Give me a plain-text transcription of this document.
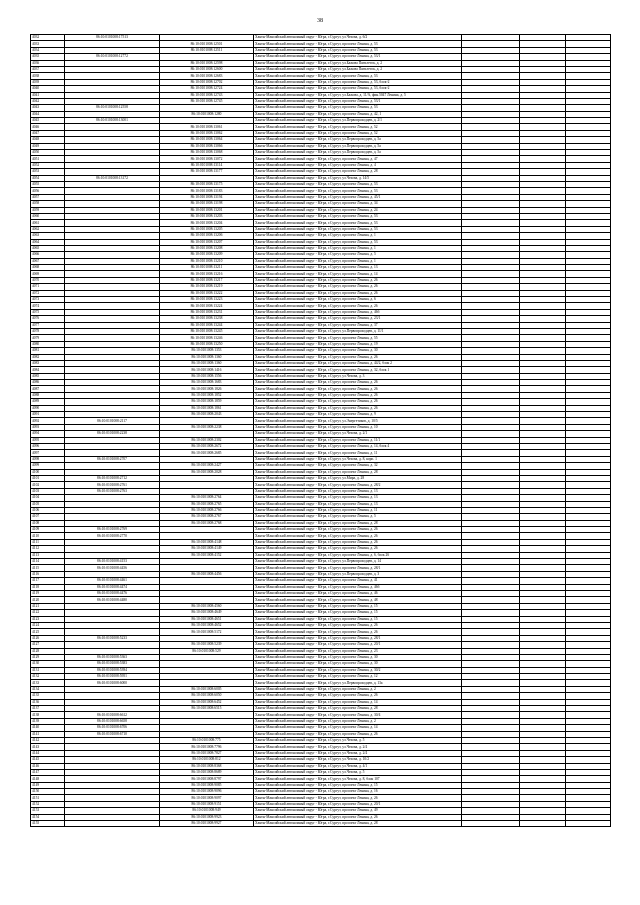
38
4032	86:10:0101008:17513		Ханты-Мансийский автономный округ - Югра, г.Сургут, ул.Чехова, д. 6/2			
4033		86:10:0101008:12501	Ханты-Мансийский автономный округ - Югра, г.Сургут, проспект Ленина, д. 53			
4034		86:10:0101008:12511	Ханты-Мансийский автономный округ - Югра, г.Сургут, проспект Ленина, д. 53			
4035	86:10:0101008:12772		Ханты-Мансийский автономный округ - Югра, г.Сургут, проспект Ленина, д. 53/1			
4036		86:10:0101008:12598	Ханты-Мансийский автономный округ - Югра, г.Сургут, ул.Бажова Пятилеток, д. 2			
4037		86:10:0101008:12600	Ханты-Мансийский автономный округ - Югра, г.Сургут, ул.Бажова Пятилеток, д. 2			
4038		86:10:0101008:12683	Ханты-Мансийский автономный округ - Югра, г.Сургут, проспект Ленина, д. 53			
4039		86:10:0101008:12702	Ханты-Мансийский автономный округ - Югра, г.Сургут, проспект Ленина, д. 53, блок-2			
4040		86:10:0101008:12724	Ханты-Мансийский автономный округ - Югра, г.Сургут, проспект Ленина, д. 53, блок-2			
4041		86:10:0101008:12743	Ханты-Мансийский автономный округ - Югра, г.Сургут, ул.Бажова, д. 11/А, фин.5047 Ленина, д. 5			
4042		86:10:0101008:12745	Ханты-Мансийский автономный округ - Югра, г.Сургут, проспект Ленина, д. 53/1			
4043	86:10:0101008:12558		Ханты-Мансийский автономный округ - Югра, г.Сургут, проспект Ленина, д. 53			
4044		86:10:0101008:1280	Ханты-Мансийский автономный округ - Югра, г.Сургут, проспект Ленина, д. 42, 1			
4045	86:10:0101008:13001		Ханты-Мансийский автономный округ - Югра, г.Сургут, ул.Первопроходцев, д. 2/1			
4046		86:10:0101008:13061	Ханты-Мансийский автономный округ - Югра, г.Сургут, проспект Ленина, д. 52			
4047		86:10:0101008:13062	Ханты-Мансийский автономный округ - Югра, г.Сургут, проспект Ленина, д. 52			
4048		86:10:0101008:13064	Ханты-Мансийский автономный округ - Югра, г.Сургут, ул.Первопроходцев, д. 5а			
4049		86:10:0101008:13066	Ханты-Мансийский автономный округ - Югра, г.Сургут, ул.Первопроходцев, д. 5а			
4050		86:10:0101008:13068	Ханты-Мансийский автономный округ - Югра, г.Сургут, ул.Первопроходцев, д. 5а			
4051		86:10:0101008:13072	Ханты-Мансийский автономный округ - Югра, г.Сургут, проспект Ленина, д. 47			
4052		86:10:0101008:13114	Ханты-Мансийский автономный округ - Югра, г.Сургут, проспект Ленина, д. 4			
4053		86:10:0101008:13177	Ханты-Мансийский автономный округ - Югра, г.Сургут, проспект Ленина, д. 28			
4054	86:10:0101008:13172		Ханты-Мансийский автономный округ - Югра, г.Сургут, ул.Чехова, д. 14/5			
4055		86:10:0101008:13175	Ханты-Мансийский автономный округ - Югра, г.Сургут, проспект Ленина, д. 53			
4056		86:10:0101008:13183	Ханты-Мансийский автономный округ - Югра, г.Сургут, проспект Ленина, д. 53			
4057		86:10:0101008:13194	Ханты-Мансийский автономный округ - Югра, г.Сургут, проспект Ленина, д. 45/1			
4058		86:10:0101008:13198	Ханты-Мансийский автономный округ - Югра, г.Сургут, проспект Ленина, д. 34			
4059		86:10:0101008:13201	Ханты-Мансийский автономный округ - Югра, г.Сургут, проспект Ленина, д. 24			
4060		86:10:0101008:13203	Ханты-Мансийский автономный округ - Югра, г.Сургут, проспект Ленина, д. 53			
4061		86:10:0101008:13204	Ханты-Мансийский автономный округ - Югра, г.Сургут, проспект Ленина, д. 53			
4062		86:10:0101008:13205	Ханты-Мансийский автономный округ - Югра, г.Сургут, проспект Ленина, д. 53			
4063		86:10:0101008:13206	Ханты-Мансийский автономный округ - Югра, г.Сургут, проспект Ленина, д. 1			
4064		86:10:0101008:13207	Ханты-Мансийский автономный округ - Югра, г.Сургут, проспект Ленина, д. 53			
4065		86:10:0101008:13208	Ханты-Мансийский автономный округ - Югра, г.Сургут, проспект Ленина, д. 1			
4066		86:10:0101008:13209	Ханты-Мансийский автономный округ - Югра, г.Сургут, проспект Ленина, д. 5			
4067		86:10:0101008:13210	Ханты-Мансийский автономный округ - Югра, г.Сургут, проспект Ленина, д. 1			
4068		86:10:0101008:13211	Ханты-Мансийский автономный округ - Югра, г.Сургут, проспект Ленина, д. 13			
4069		86:10:0101008:13216	Ханты-Мансийский автономный округ - Югра, г.Сургут, проспект Ленина, д. 14			
4070		86:10:0101008:13217	Ханты-Мансийский автономный округ - Югра, г.Сургут, проспект Ленина, д. 26			
4071		86:10:0101008:13219	Ханты-Мансийский автономный округ - Югра, г.Сургут, проспект Ленина, д. 26			
4072		86:10:0101008:13222	Ханты-Мансийский автономный округ - Югра, г.Сургут, проспект Ленина, д. 26			
4073		86:10:0101008:13223	Ханты-Мансийский автономный округ - Югра, г.Сургут, проспект Ленина, д. 6			
4074		86:10:0101008:13224	Ханты-Мансийский автономный округ - Югра, г.Сургут, проспект Ленина, д. 26			
4075		86:10:0101008:13231	Ханты-Мансийский автономный округ - Югра, г.Сургут, проспект Ленина, д. 46б			
4076		86:10:0101008:13238	Ханты-Мансийский автономный округ - Югра, г.Сургут, проспект Ленина, д. 23/1			
4077		86:10:0101008:13244	Ханты-Мансийский автономный округ - Югра, г.Сургут, проспект Ленина, д. 37			
4078		86:10:0101008:13245	Ханты-Мансийский автономный округ - Югра, г.Сургут, ул.Первопроходцев, д. 11/1			
4079		86:10:0101008:13246	Ханты-Мансийский автономный округ - Югра, г.Сургут, проспект Ленина, д. 55			
4080		86:10:0101008:13250	Ханты-Мансийский автономный округ - Югра, г.Сургут, проспект Ленина, д. 19			
4081		86:10:0101008:1353	Ханты-Мансийский автономный округ - Югра, г.Сургут, проспект Ленина, д. 30			
4082		86:10:0101008:1360	Ханты-Мансийский автономный округ - Югра, г.Сургут, проспект Ленина, д. 26			
4083		86:10:0101008:1360	Ханты-Мансийский автономный округ - Югра, г.Сургут, проспект Ленина, д. 44/2, блок 2			
4084		86:10:0101008:1416	Ханты-Мансийский автономный округ - Югра, г.Сургут, проспект Ленина, д. 32, блок 1			
4085		86:10:0101008:1556	Ханты-Мансийский автономный округ - Югра, г.Сургут, ул.Чехова, д. 3			
4086		86:10:0101008:1683	Ханты-Мансийский автономный округ - Югра, г.Сургут, проспект Ленина, д. 26			
4087		86:10:0101008:1826	Ханты-Мансийский автономный округ - Югра, г.Сургут, проспект Ленина, д. 26			
4088		86:10:0101008:1852	Ханты-Мансийский автономный округ - Югра, г.Сургут, проспект Ленина, д. 26			
4089		86:10:0101008:1859	Ханты-Мансийский автономный округ - Югра, г.Сургут, проспект Ленина, д. 26			
4090		86:10:0101008:1861	Ханты-Мансийский автономный округ - Югра, г.Сургут, проспект Ленина, д. 26			
4091		86:10:0101008:2043	Ханты-Мансийский автономный округ - Югра, г.Сургут, проспект Ленина, д. 9			
4092	86:10:0101008:2117		Ханты-Мансийский автономный округ - Югра, г.Сургут, ул.Энергетиков, д. 10/5			
4093		86:10:0101008:2238	Ханты-Мансийский автономный округ - Югра, г.Сургут, проспект Ленина, д. 10			
4094	86:10:0101008:2238		Ханты-Мансийский автономный округ - Югра, г.Сургут, ул.Чехова, д. 2/1			
4095		86:10:0101008:2302	Ханты-Мансийский автономный округ - Югра, г.Сургут, проспект Ленина, д. 11/1			
4096		86:10:0101008:2672	Ханты-Мансийский автономный округ - Югра, г.Сургут, проспект Ленина, д. 14, блок 4			
4097		86:10:0101008:2685	Ханты-Мансийский автономный округ - Югра, г.Сургут, проспект Ленина, д. 11			
4098	86:10:0101008:2707		Ханты-Мансийский автономный округ - Югра, г.Сургут, ул.Чехова, д. 8, корп. 1			
4099		86:10:0101008:2427	Ханты-Мансийский автономный округ - Югра, г.Сургут, проспект Ленина, д. 32			
4100		86:10:0101008:2028	Ханты-Мансийский автономный округ - Югра, г.Сургут, проспект Ленина, д. 28			
4101	86:10:0101008:2712		Ханты-Мансийский автономный округ - Югра, г.Сургут, ул.Мира, д. 28			
4102	86:10:0101008:2761		Ханты-Мансийский автономный округ - Югра, г.Сургут, проспект Ленина, д. 28/2			
4103	86:10:0101008:2763		Ханты-Мансийский автономный округ - Югра, г.Сургут, проспект Ленина, д. 13			
4104		86:10:0101008:2764	Ханты-Мансийский автономный округ - Югра, г.Сургут, проспект Ленина, д. 13			
4105		86:10:0101008:2765	Ханты-Мансийский автономный округ - Югра, г.Сургут, проспект Ленина, д. 13			
4106		86:10:0101008:2766	Ханты-Мансийский автономный округ - Югра, г.Сургут, проспект Ленина, д. 11			
4107		86:10:0101008:2767	Ханты-Мансийский автономный округ - Югра, г.Сургут, проспект Ленина, д. 5			
4108		86:10:0101008:2768	Ханты-Мансийский автономный округ - Югра, г.Сургут, проспект Ленина, д. 28			
4109	86:10:0101008:2769		Ханты-Мансийский автономный округ - Югра, г.Сургут, проспект Ленина, д. 26			
4110	86:10:0101008:2770		Ханты-Мансийский автономный округ - Югра, г.Сургут, проспект Ленина, д. 26			
4111		86:10:0101008:4148	Ханты-Мансийский автономный округ - Югра, г.Сургут, проспект Ленина, д. 26			
4112		86:10:0101008:4149	Ханты-Мансийский автономный округ - Югра, г.Сургут, проспект Ленина, д. 26			
4113		86:10:0101008:4152	Ханты-Мансийский автономный округ - Югра, г.Сургут, проспект Ленина, д. 6, блок 26			
4114	86:10:0101008:4153		Ханты-Мансийский автономный округ - Югра, г.Сургут, ул.Первопроходцев, д. 14			
4115	86:10:0101008:4456		Ханты-Мансийский автономный округ - Югра, г.Сургут, проспект Ленина, д. 28/1			
4116		86:10:0101008:4456	Ханты-Мансийский автономный округ - Югра, г.Сургут, ул.Первопроходцев, д. 3			
4117	86:10:0101008:4461		Ханты-Мансийский автономный округ - Югра, г.Сургут, проспект Ленина, д. 41			
4118	86:10:0101008:4474		Ханты-Мансийский автономный округ - Югра, г.Сургут, проспект Ленина, д. 46б			
4119	86:10:0101008:4476		Ханты-Мансийский автономный округ - Югра, г.Сургут, проспект Ленина, д. 46			
4120	86:10:0101008:4480		Ханты-Мансийский автономный округ - Югра, г.Сургут, проспект Ленина, д. 48			
4121		86:10:0101008:4560	Ханты-Мансийский автономный округ - Югра, г.Сургут, проспект Ленина, д. 15			
4122		86:10:0101008:4649	Ханты-Мансийский автономный округ - Югра, г.Сургут, проспект Ленина, д. 15			
4123		86:10:0101008:4651	Ханты-Мансийский автономный округ - Югра, г.Сургут, проспект Ленина, д. 15			
4124		86:10:0101008:4652	Ханты-Мансийский автономный округ - Югра, г.Сургут, проспект Ленина, д. 26			
4125		86:10:0101008:5172	Ханты-Мансийский автономный округ - Югра, г.Сургут, проспект Ленина, д. 26			
4126	86:10:0101008:5233		Ханты-Мансийский автономный округ - Югра, г.Сургут, проспект Ленина, д. 28/1			
4127		86:10:0101008:5239	Ханты-Мансийский автономный округ - Югра, г.Сургут, проспект Ленина, д. 20/1			
4128		86:10:0101008:529	Ханты-Мансийский автономный округ - Югра, г.Сургут, проспект Ленина, д. 23			
4129	86:10:0101008:5363		Ханты-Мансийский автономный округ - Югра, г.Сургут, проспект Ленина, д. 30			
4130	86:10:0101008:5383		Ханты-Мансийский автономный округ - Югра, г.Сургут, проспект Ленина, д. 30			
4131	86:10:0101008:5394		Ханты-Мансийский автономный округ - Югра, г.Сургут, проспект Ленина, д. 30/2			
4132	86:10:0101008:5951		Ханты-Мансийский автономный округ - Югра, г.Сургут, проспект Ленина, д. 12			
4133	86:10:0101008:6000		Ханты-Мансийский автономный округ - Югра, г.Сургут, ул.Первопроходцев, д. 13а			
4134		86:10:0101008:6005	Ханты-Мансийский автономный округ - Югра, г.Сургут, проспект Ленина, д. 2			
4135		86:10:0101008:6050	Ханты-Мансийский автономный округ - Югра, г.Сургут, проспект Ленина, д. 26			
4136		86:10:0101008:6452	Ханты-Мансийский автономный округ - Югра, г.Сургут, проспект Ленина, д. 14			
4137		86:10:0101008:6515	Ханты-Мансийский автономный округ - Югра, г.Сургут, проспект Ленина, д. 28			
4138	86:10:0101008:6612		Ханты-Мансийский автономный округ - Югра, г.Сургут, проспект Ленина, д. 30/4			
4139	86:10:0101008:6658		Ханты-Мансийский автономный округ - Югра, г.Сургут, проспект Ленина, д. 2			
4140	86:10:0101008:6706		Ханты-Мансийский автономный округ - Югра, г.Сургут, проспект Ленина, д. 14			
4141	86:10:0101008:6710		Ханты-Мансийский автономный округ - Югра, г.Сургут, проспект Ленина, д. 26			
4142		86:10:0101008:775	Ханты-Мансийский автономный округ - Югра, г.Сургут, ул.Чехова, д. 5			
4143		86:10:0101008:7796	Ханты-Мансийский автономный округ - Югра, г.Сургут, ул.Чехова, д. 2/4			
4144		86:10:0101008:7827	Ханты-Мансийский автономный округ - Югра, г.Сургут, ул.Чехова, д. 2/4			
4145		86:10:0101008:812	Ханты-Мансийский автономный округ - Югра, г.Сургут, ул.Чехова, д. 10/2			
4146		86:10:0101008:8368	Ханты-Мансийский автономный округ - Югра, г.Сургут, ул.Чехова, д. 4/1			
4147		86:10:0101008:8689	Ханты-Мансийский автономный округ - Югра, г.Сургут, ул.Чехова, д. 5			
4148		86:10:0101008:8797	Ханты-Мансийский автономный округ - Югра, г.Сургут, ул.Чехова, д. 8, блок 107			
4149		86:10:0101008:9085	Ханты-Мансийский автономный округ - Югра, г.Сургут, проспект Ленина, д. 15			
4150		86:10:0101008:9096	Ханты-Мансийский автономный округ - Югра, г.Сургут, проспект Ленина, д. 16			
4151		86:10:0101008:9097	Ханты-Мансийский автономный округ - Югра, г.Сургут, проспект Ленина, д. 26			
4152		86:10:0101008:9151	Ханты-Мансийский автономный округ - Югра, г.Сургут, проспект Ленина, д. 20/1			
4153		86:10:0101008:949	Ханты-Мансийский автономный округ - Югра, г.Сургут, проспект Ленина, д. 49			
4154		86:10:0101008:9923	Ханты-Мансийский автономный округ - Югра, г.Сургут, проспект Ленина, д. 26			
4155		86:10:0101008:9927	Ханты-Мансийский автономный округ - Югра, г.Сургут, проспект Ленина, д. 28			
